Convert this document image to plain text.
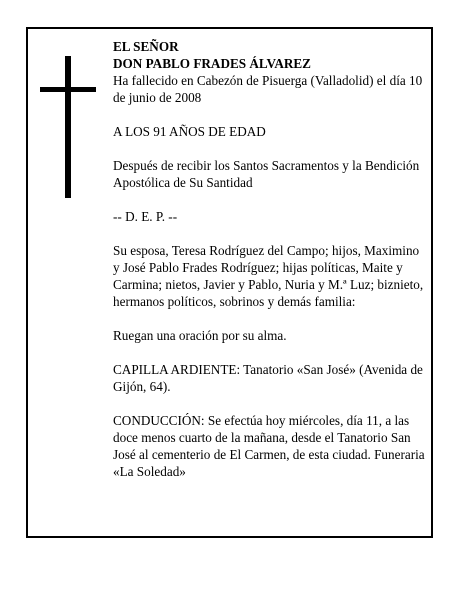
EL SEÑOR
DON PABLO FRADES ÁLVAREZ
Ha fallecido en Cabezón de Pisuerga (Valladolid) el día 10 de junio de 2008

A LOS 91 AÑOS DE EDAD

Después de recibir los Santos Sacramentos y la Bendición Apostólica de Su Santidad

-- D. E. P. --

Su esposa, Teresa Rodríguez del Campo; hijos, Maximino y José Pablo Frades Rodríguez; hijas políticas, Maite y Carmina; nietos, Javier y Pablo, Nuria y M.ª Luz; biznieto, hermanos políticos, sobrinos y demás familia:

Ruegan una oración por su alma.

CAPILLA ARDIENTE: Tanatorio «San José» (Avenida de Gijón, 64).

CONDUCCIÓN: Se efectúa hoy miércoles, día 11, a las doce menos cuarto de la mañana, desde el Tanatorio San José al cementerio de El Carmen, de esta ciudad. Funeraria «La Soledad»
